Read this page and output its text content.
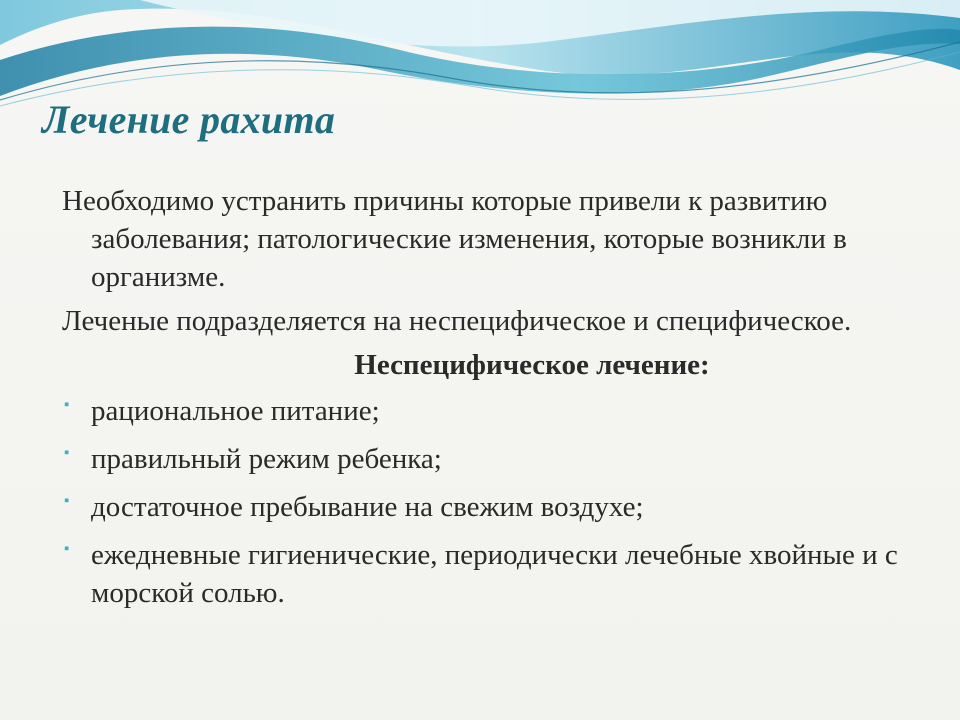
Лечение рахита

Необходимо устранить причины которые привели к развитию заболевания; патологические изменения, которые возникли в организме.

Леченые подразделяется на неспецифическое и специфическое.

Неспецифическое лечение:

▪ рациональное питание;
▪ правильный режим ребенка;
▪ достаточное пребывание на свежим воздухе;
▪ ежедневные гигиенические, периодически лечебные хвойные и с морской солью.
